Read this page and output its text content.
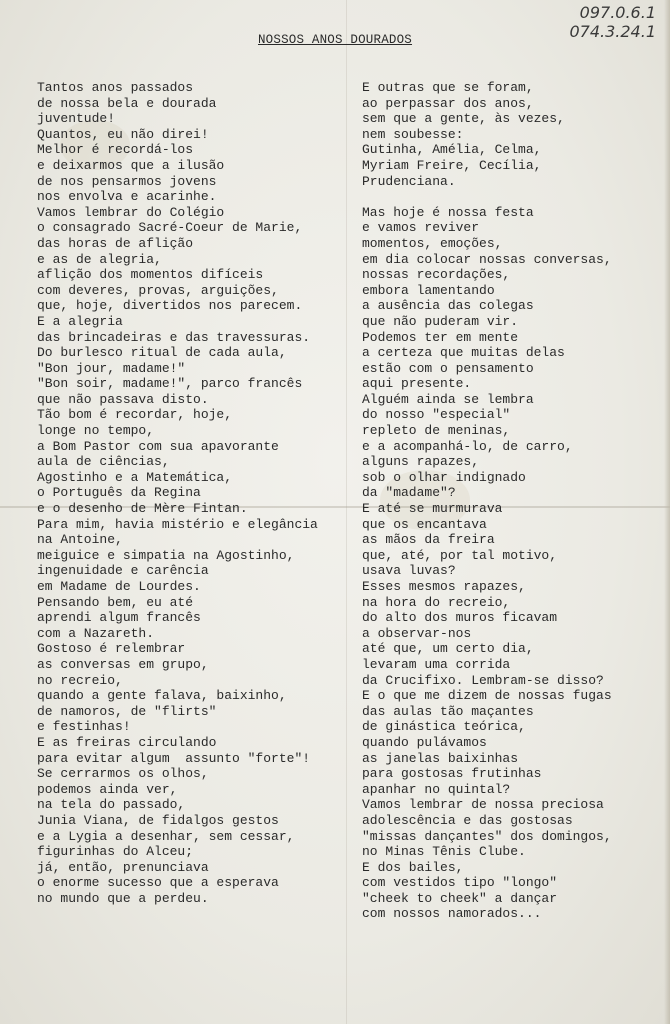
097.0.6.1
074.3.24.1
NOSSOS ANOS DOURADOS
Tantos anos passados
de nossa bela e dourada
juventude!
Quantos, eu não direi!
Melhor é recordá-los
e deixarmos que a ilusão
de nos pensarmos jovens
nos envolva e acarinhe.
Vamos lembrar do Colégio
o consagrado Sacré-Coeur de Marie,
das horas de aflição
e as de alegria,
aflição dos momentos difíceis
com deveres, provas, arguições,
que, hoje, divertidos nos parecem.
E a alegria
das brincadeiras e das travessuras.
Do burlesco ritual de cada aula,
"Bon jour, madame!"
"Bon soir, madame!", parco francês
que não passava disto.
Tão bom é recordar, hoje,
longe no tempo,
a Bom Pastor com sua apavorante
aula de ciências,
Agostinho e a Matemática,
o Português da Regina
e o desenho de Mère Fintan.
Para mim, havia mistério e elegância
na Antoine,
meiguice e simpatia na Agostinho,
ingenuidade e carência
em Madame de Lourdes.
Pensando bem, eu até
aprendi algum francês
com a Nazareth.
Gostoso é relembrar
as conversas em grupo,
no recreio,
quando a gente falava, baixinho,
de namoros, de "flirts"
e festinhas!
E as freiras circulando
para evitar algum  assunto "forte"!
Se cerrarmos os olhos,
podemos ainda ver,
na tela do passado,
Junia Viana, de fidalgos gestos
e a Lygia a desenhar, sem cessar,
figurinhas do Alceu;
já, então, prenunciava
o enorme sucesso que a esperava
no mundo que a perdeu.
E outras que se foram,
ao perpassar dos anos,
sem que a gente, às vezes,
nem soubesse:
Gutinha, Amélia, Celma,
Myriam Freire, Cecília,
Prudenciana.
Mas hoje é nossa festa
e vamos reviver
momentos, emoções,
em dia colocar nossas conversas,
nossas recordações,
embora lamentando
a ausência das colegas
que não puderam vir.
Podemos ter em mente
a certeza que muitas delas
estão com o pensamento
aqui presente.
Alguém ainda se lembra
do nosso "especial"
repleto de meninas,
e a acompanhá-lo, de carro,
alguns rapazes,
sob o olhar indignado
da "madame"?
E até se murmurava
que os encantava
as mãos da freira
que, até, por tal motivo,
usava luvas?
Esses mesmos rapazes,
na hora do recreio,
do alto dos muros ficavam
a observar-nos
até que, um certo dia,
levaram uma corrida
da Crucifixo. Lembram-se disso?
E o que me dizem de nossas fugas
das aulas tão maçantes
de ginástica teórica,
quando pulávamos
as janelas baixinhas
para gostosas frutinhas
apanhar no quintal?
Vamos lembrar de nossa preciosa
adolescência e das gostosas
"missas dançantes" dos domingos,
no Minas Tênis Clube.
E dos bailes,
com vestidos tipo "longo"
"cheek to cheek" a dançar
com nossos namorados...
